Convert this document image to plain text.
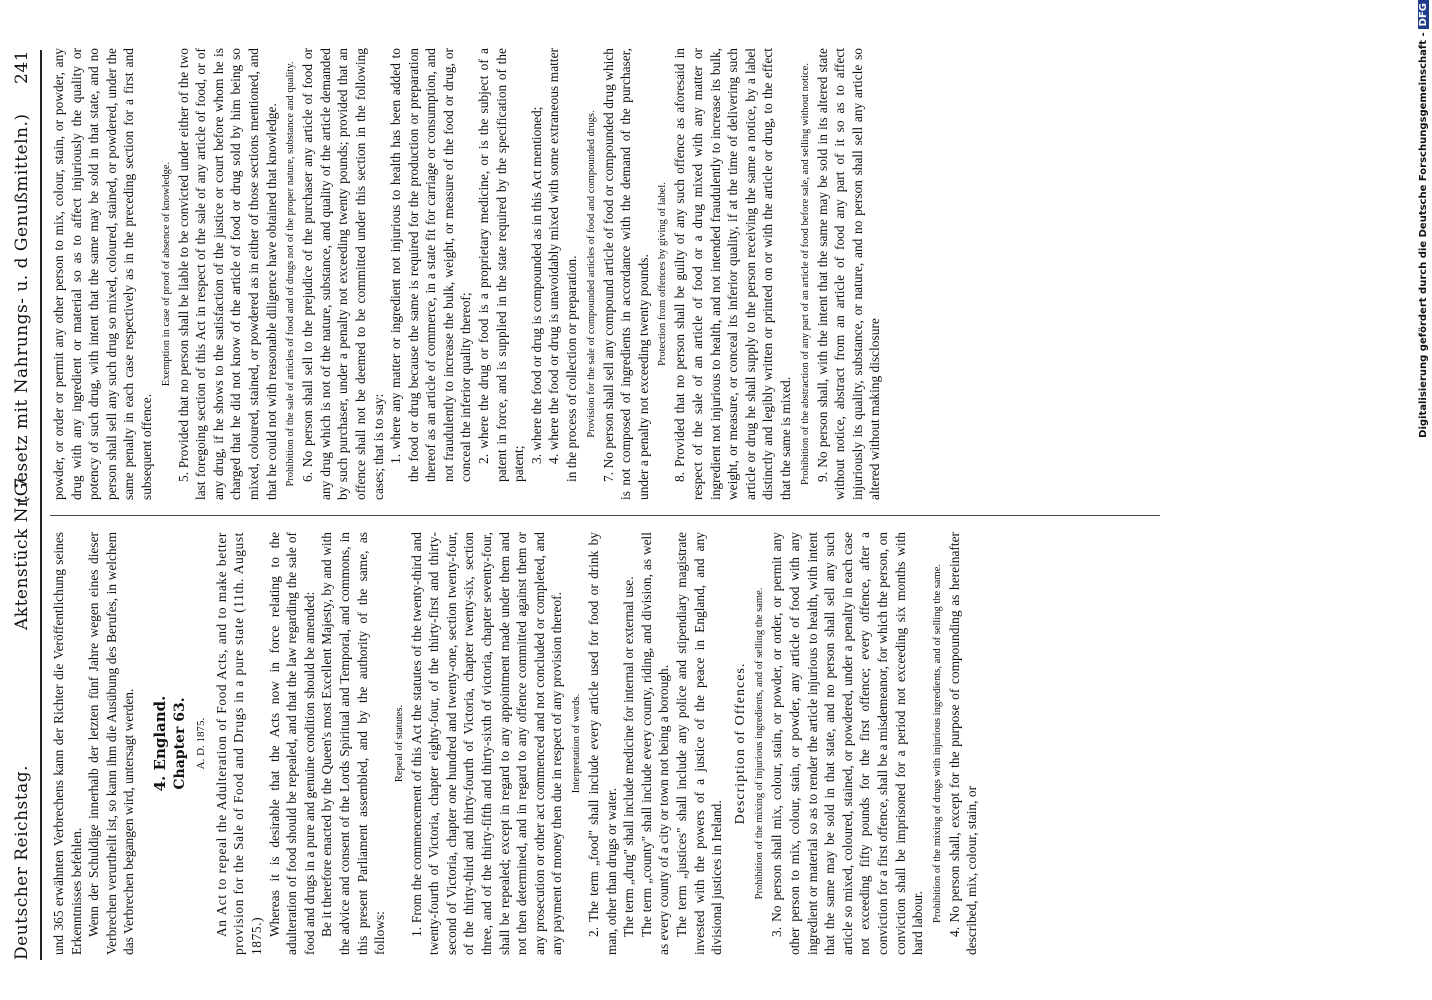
Deutscher Reichstag.
Aktenstück Nr. 7.
(Gesetz mit Nahrungs- u. d Genußmitteln.)     241

und 365 erwähnten Verbrechens kann der Richter die Veröffentlichung seines Erkenntnisses befehlen. Wenn der Schuldige innerhalb der letzten fünf Jahre wegen eines dieser Verbrechen verurtheilt ist, so kann ihm die Ausübung des Berufes, in welchem das Verbrechen begangen wird, untersagt werden. 4. England. Chapter 63. A. D. 1875. An Act to repeal the Adulteration of Food Acts, and to make better provision for the Sale of Food and Drugs in a pure state (11th. August 1875.) Whereas it is desirable that the Acts now in force relating to the adulteration of food should be repealed, and that the law regarding the sale of food and drugs in a pure and genuine condition should be amended: Be it therefore enacted by the Queen's most Excellent Majesty, by and with the advice and consent of the Lords Spiritual and Temporal, and commons, in this present Parliament assembled, and by the authority of the same, as follows:

Repeal of statutes. 1. From the commencement of this Act the statutes of the twenty-third and twenty-fourth of Victoria, chapter eighty-four, of the thirty-first and thirty-second of Victoria, chapter one hundred and twenty-one, section twenty-four, of the thirty-third and thirty-fourth of Victoria, chapter twenty-six, section three, and of the thirty-fifth and thirty-sixth of victoria, chapter seventy-four, shall be repealed; except in regard to any appointment made under them and not then determined, and in regard to any offence committed against them or any prosecution or other act commenced and not concluded or completed, and any payment of money then due in respect of any provision thereof. Interpretation of words. 2. The term „food" shall include every article used for food or drink by man, other than drugs or water. The term „drug" shall include medicine for internal or external use. The term „county" shall include every county, riding, and division, as well as every county of a city or town not being a borough. The term „justices" shall include any police and stipendiary magistrate invested with the powers of a justice of the peace in England, and any divisional justices in Ireland.

Description of Offences. Prohibition of the mixing of injurious ingredients, and of selling the same. 3. No person shall mix, colour, stain, or powder, or order, or permit any other person to mix, colour, stain, or powder, any article of food with any ingredient or material so as to render the article injurious to health, with intent that the same may be sold in that state, and no person shall sell any such article so mixed, coloured, stained, or powdered, under a penalty in each case not exceeding fifty pounds for the first offence; every offence, after a conviction for a first offence, shall be a misdemeanor, for which the person, on conviction shall be imprisoned for a period not exceeding six months with hard labour.

Prohibition of the mixing of drugs with injurious ingredients, and of selling the same. 4. No person shall, except for the purpose of compounding as hereinafter described, mix, colour, stain, or

powder, or order or permit any other person to mix, colour, stain, or powder, any drug with any ingredient or material so as to affect injuriously the quality or potency of such drug, with intent that the same may be sold in that state, and no person shall sell any such drug so mixed, coloured, stained, or powdered, under the same penalty in each case respectively as in the preceding section for a first and subsequent offence.

Exemption in case of proof of absence of knowledge. 5. Provided that no person shall be liable to be convicted under either of the two last foregoing section of this Act in respect of the sale of any article of food, or of any drug, if he shows to the satisfaction of the justice or court before whom he is charged that he did not know of the article of food or drug sold by him being so mixed, coloured, stained, or powdered as in either of those sections mentioned, and that he could not with reasonable diligence have obtained that knowledge. Prohibition of the sale of articles of food and of drugs not of the proper nature, substance and quality. 6. No person shall sell to the prejudice of the purchaser any article of food or any drug which is not of the nature, substance, and quality of the article demanded by such purchaser, under a penalty not exceeding twenty pounds; provided that an offence shall not be deemed to be committed under this section in the following cases; that is to say: 1. where any matter or ingredient not injurious to health has been added to the food or drug because the same is required for the production or preparation thereof as an article of commerce, in a state fit for carriage or consumption, and not fraudulently to increase the bulk, weight, or measure of the food or drug, or conceal the inferior quality thereof; 2. where the drug or food is a proprietary medicine, or is the subject of a patent in force, and is supplied in the state required by the specification of the patent; 3. where the food or drug is compounded as in this Act mentioned; 4. where the food or drug is unavoidably mixed with some extraneous matter in the process of collection or preparation. Provision for the sale of compounded articles of food and compounded drugs. 7. No person shall sell any compound article of food or compounded drug which is not composed of ingredients in accordance with the demand of the purchaser, under a penalty not exceeding twenty pounds. Protection from offences by giving of label. 8. Provided that no person shall be guilty of any such offence as aforesaid in respect of the sale of an article of food or a drug mixed with any matter or ingredient not injurious to health, and not intended fraudulently to increase its bulk, weight, or measure, or conceal its inferior quality, if at the time of delivering such article or drug he shall supply to the person receiving the same a notice, by a label distinctly and legibly written or printed on or with the article or drug, to the effect that the same is mixed. Prohibition of the abstraction of any part of an article of food before sale, and selling without notice. 9. No person shall, with the intent that the same may be sold in its altered state without notice, abstract from an article of food any part of it so as to affect injuriously its quality, substance, or nature, and no person shall sell any article so altered without making disclosure	Digitalisierung gefördert durch die Deutsche Forschungsgemeinschaft -DFG
